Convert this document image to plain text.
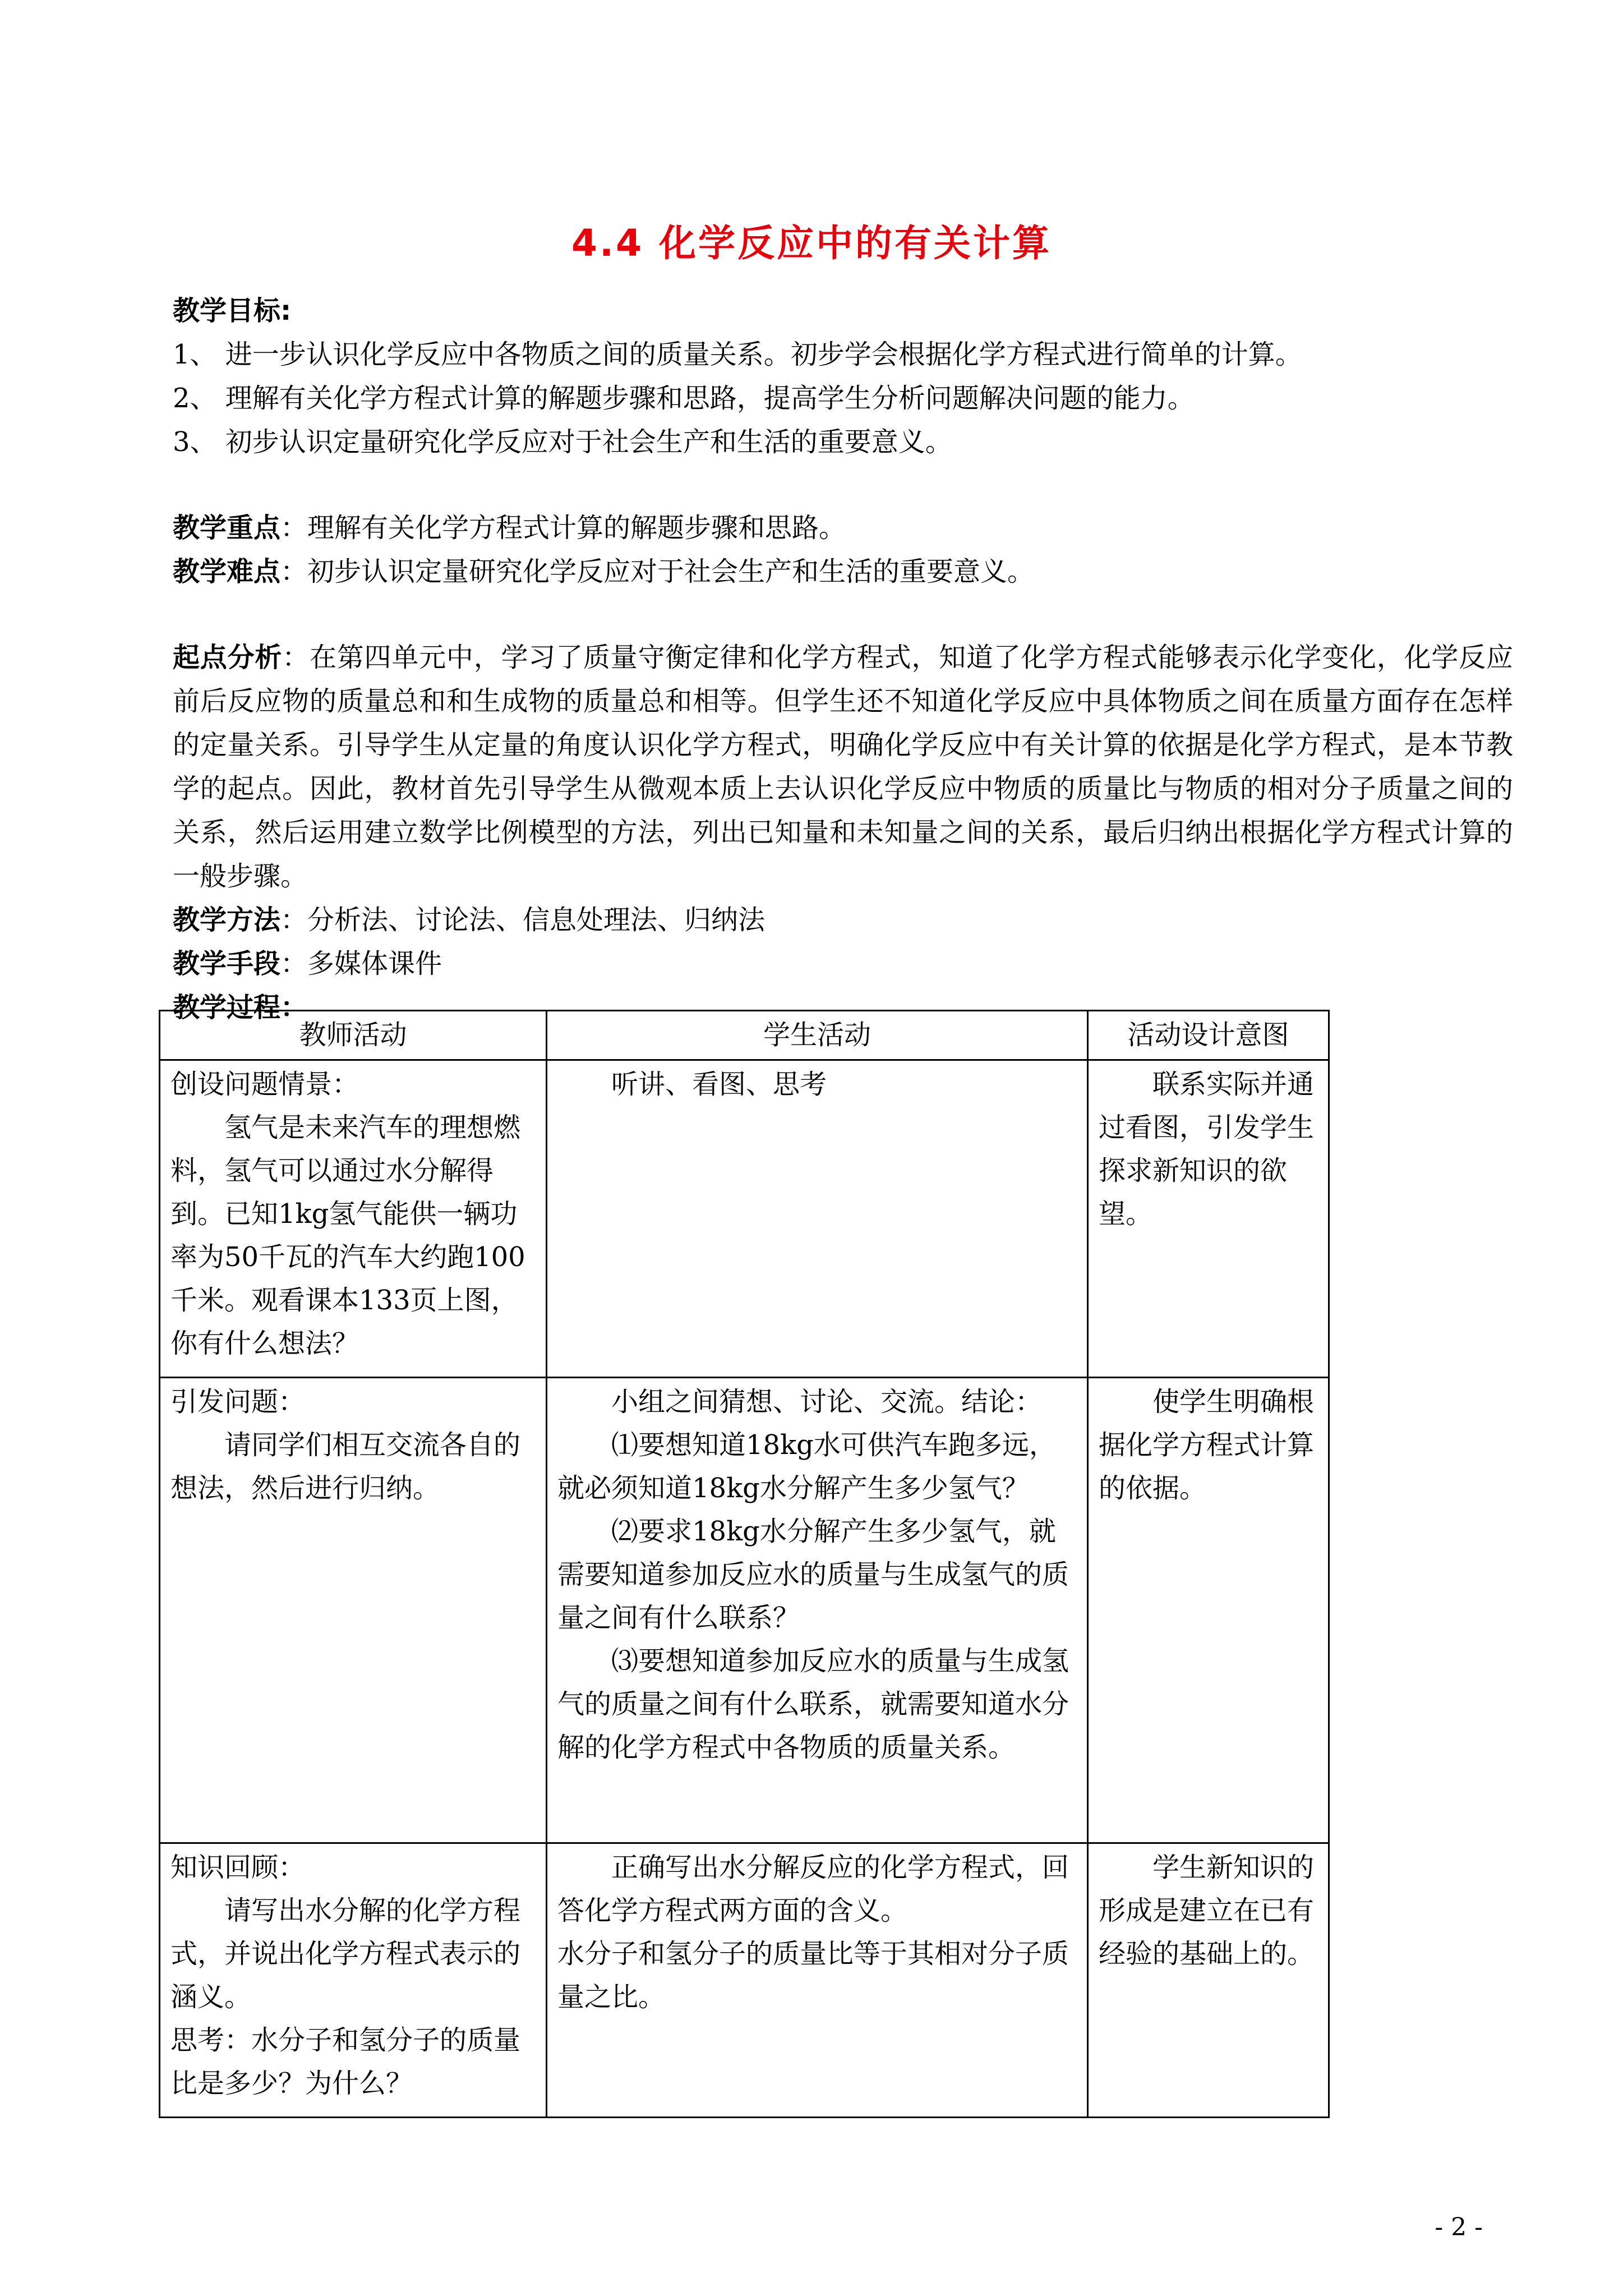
4.4 化学反应中的有关计算

教学目标:

1、 进一步认识化学反应中各物质之间的质量关系。初步学会根据化学方程式进行简单的计算。

2、 理解有关化学方程式计算的解题步骤和思路，提高学生分析问题解决问题的能力。

3、 初步认识定量研究化学反应对于社会生产和生活的重要意义。

教学重点：理解有关化学方程式计算的解题步骤和思路。

教学难点：初步认识定量研究化学反应对于社会生产和生活的重要意义。

起点分析：在第四单元中，学习了质量守衡定律和化学方程式，知道了化学方程式能够表示化学变化，化学反应前后反应物的质量总和和生成物的质量总和相等。但学生还不知道化学反应中具体物质之间在质量方面存在怎样的定量关系。引导学生从定量的角度认识化学方程式，明确化学反应中有关计算的依据是化学方程式，是本节教学的起点。因此，教材首先引导学生从微观本质上去认识化学反应中物质的质量比与物质的相对分子质量之间的关系，然后运用建立数学比例模型的方法，列出已知量和未知量之间的关系，最后归纳出根据化学方程式计算的一般步骤。

教学方法：分析法、讨论法、信息处理法、归纳法

教学手段：多媒体课件

教学过程：

教师活动	学生活动	活动设计意图

创设问题情景：
氢气是未来汽车的理想燃料，氢气可以通过水分解得到。已知1kg氢气能供一辆功率为50千瓦的汽车大约跑100千米。观看课本133页上图，你有什么想法？	听讲、看图、思考	联系实际并通过看图，引发学生探求新知识的欲望。

引发问题：
请同学们相互交流各自的想法，然后进行归纳。	小组之间猜想、讨论、交流。结论：
⑴要想知道18kg水可供汽车跑多远，就必须知道18kg水分解产生多少氢气？
⑵要求18kg水分解产生多少氢气，就需要知道参加反应水的质量与生成氢气的质量之间有什么联系？
⑶要想知道参加反应水的质量与生成氢气的质量之间有什么联系，就需要知道水分解的化学方程式中各物质的质量关系。	使学生明确根据化学方程式计算的依据。

知识回顾：
请写出水分解的化学方程式，并说出化学方程式表示的涵义。
思考：水分子和氢分子的质量比是多少？为什么？	正确写出水分解反应的化学方程式，回答化学方程式两方面的含义。
水分子和氢分子的质量比等于其相对分子质量之比。	学生新知识的形成是建立在已有经验的基础上的。
- 2 -
